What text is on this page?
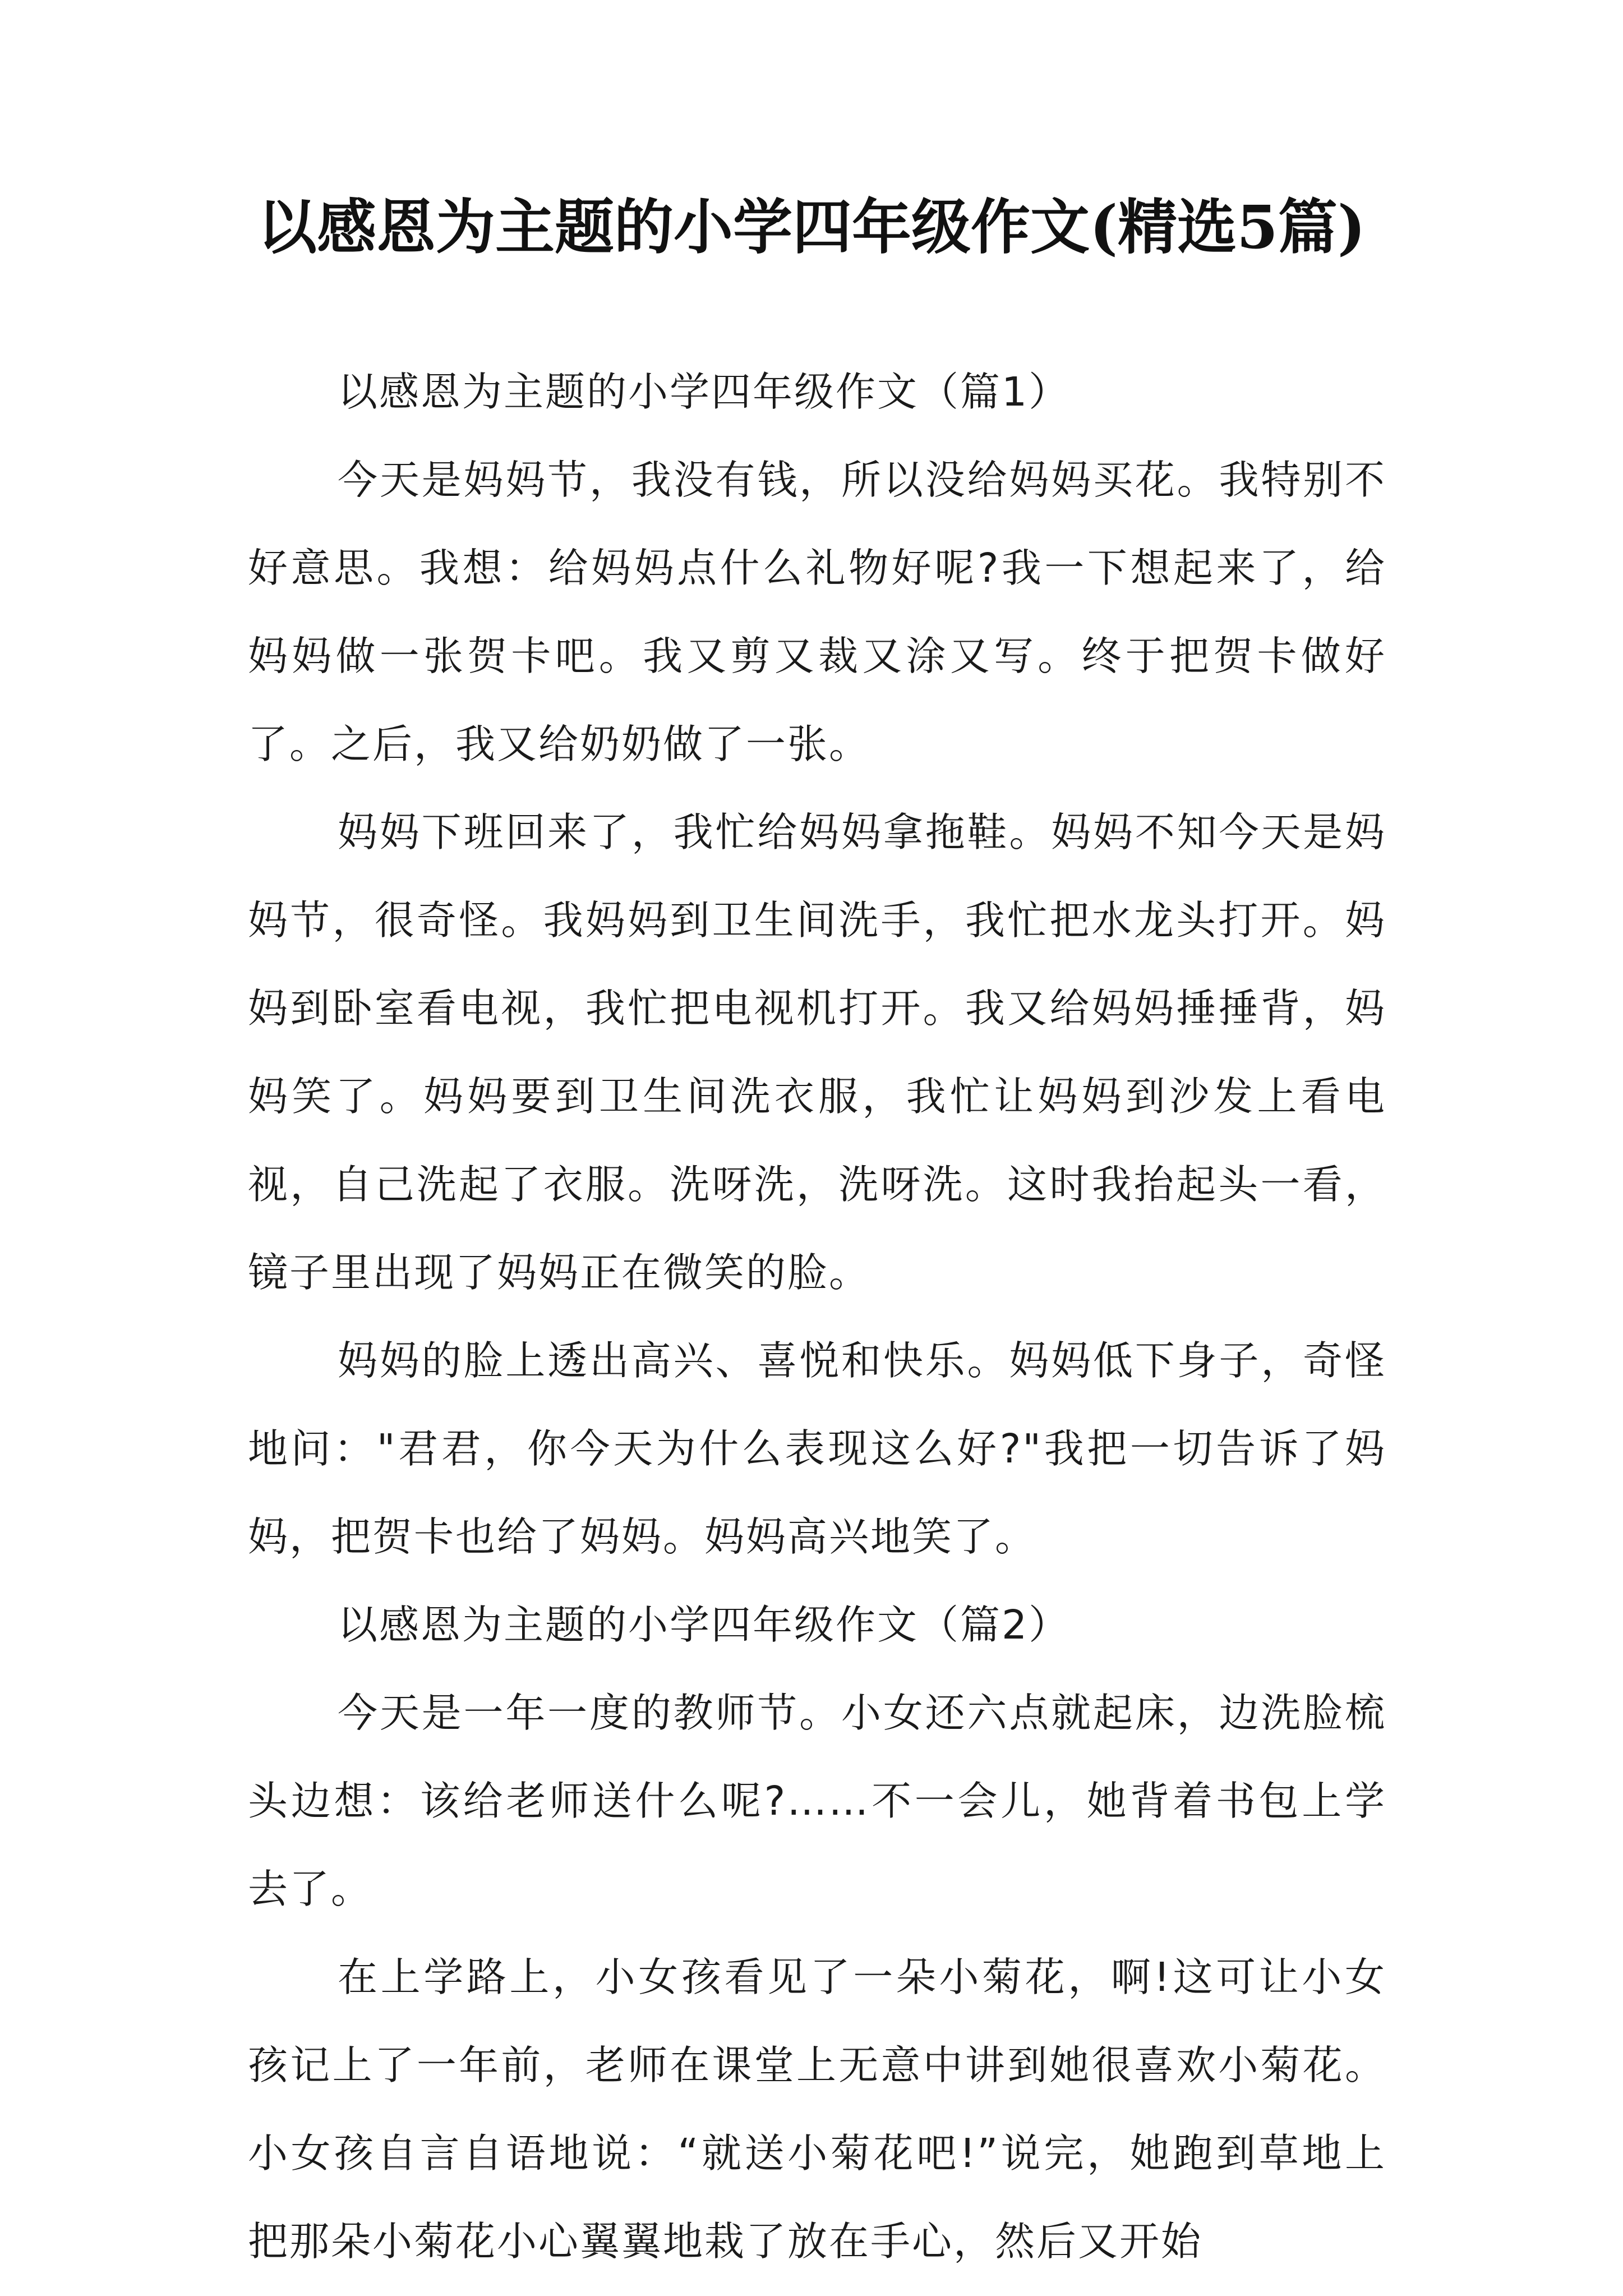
以感恩为主题的小学四年级作文(精选5篇)

以感恩为主题的小学四年级作文（篇1）

今天是妈妈节，我没有钱，所以没给妈妈买花。我特别不好意思。我想：给妈妈点什么礼物好呢?我一下想起来了，给妈妈做一张贺卡吧。我又剪又裁又涂又写。终于把贺卡做好了。之后，我又给奶奶做了一张。

妈妈下班回来了，我忙给妈妈拿拖鞋。妈妈不知今天是妈妈节，很奇怪。我妈妈到卫生间洗手，我忙把水龙头打开。妈妈到卧室看电视，我忙把电视机打开。我又给妈妈捶捶背，妈妈笑了。妈妈要到卫生间洗衣服，我忙让妈妈到沙发上看电视，自己洗起了衣服。洗呀洗，洗呀洗。这时我抬起头一看，镜子里出现了妈妈正在微笑的脸。

妈妈的脸上透出高兴、喜悦和快乐。妈妈低下身子，奇怪地问："君君，你今天为什么表现这么好?"我把一切告诉了妈妈，把贺卡也给了妈妈。妈妈高兴地笑了。

以感恩为主题的小学四年级作文（篇2）

今天是一年一度的教师节。小女还六点就起床，边洗脸梳头边想：该给老师送什么呢?……不一会儿，她背着书包上学去了。

在上学路上，小女孩看见了一朵小菊花，啊!这可让小女孩记上了一年前，老师在课堂上无意中讲到她很喜欢小菊花。小女孩自言自语地说：“就送小菊花吧!”说完，她跑到草地上把那朵小菊花小心翼翼地栽了放在手心，然后又开始
